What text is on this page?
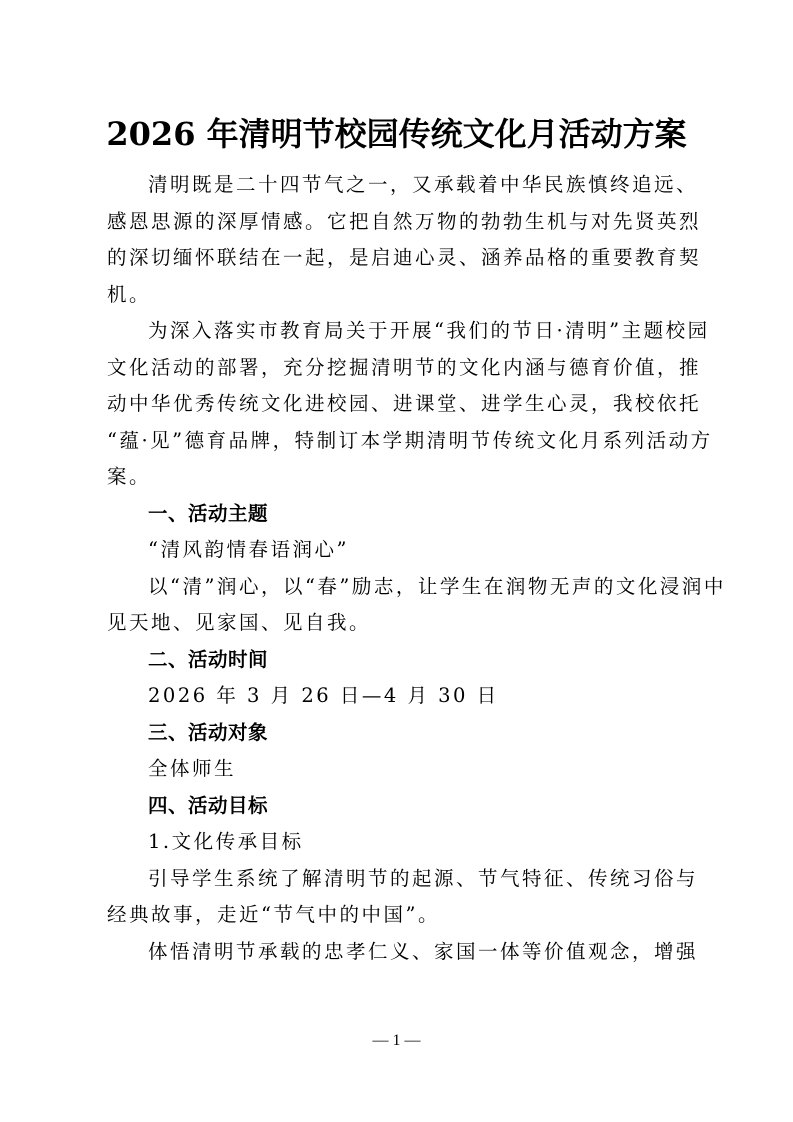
2026 年清明节校园传统文化月活动方案
清明既是二十四节气之一，又承载着中华民族慎终追远、
感恩思源的深厚情感。它把自然万物的勃勃生机与对先贤英烈
的深切缅怀联结在一起，是启迪心灵、涵养品格的重要教育契
机。
为深入落实市教育局关于开展“我们的节日·清明”主题校园
文化活动的部署，充分挖掘清明节的文化内涵与德育价值，推
动中华优秀传统文化进校园、进课堂、进学生心灵，我校依托
“蕴·见”德育品牌，特制订本学期清明节传统文化月系列活动方
案。
一、活动主题
“清风韵情春语润心”
以“清”润心，以“春”励志，让学生在润物无声的文化浸润中
见天地、见家国、见自我。
二、活动时间
2026 年 3 月 26 日—4 月 30 日
三、活动对象
全体师生
四、活动目标
1.文化传承目标
引导学生系统了解清明节的起源、节气特征、传统习俗与
经典故事，走近“节气中的中国”。
体悟清明节承载的忠孝仁义、家国一体等价值观念，增强
— 1 —
